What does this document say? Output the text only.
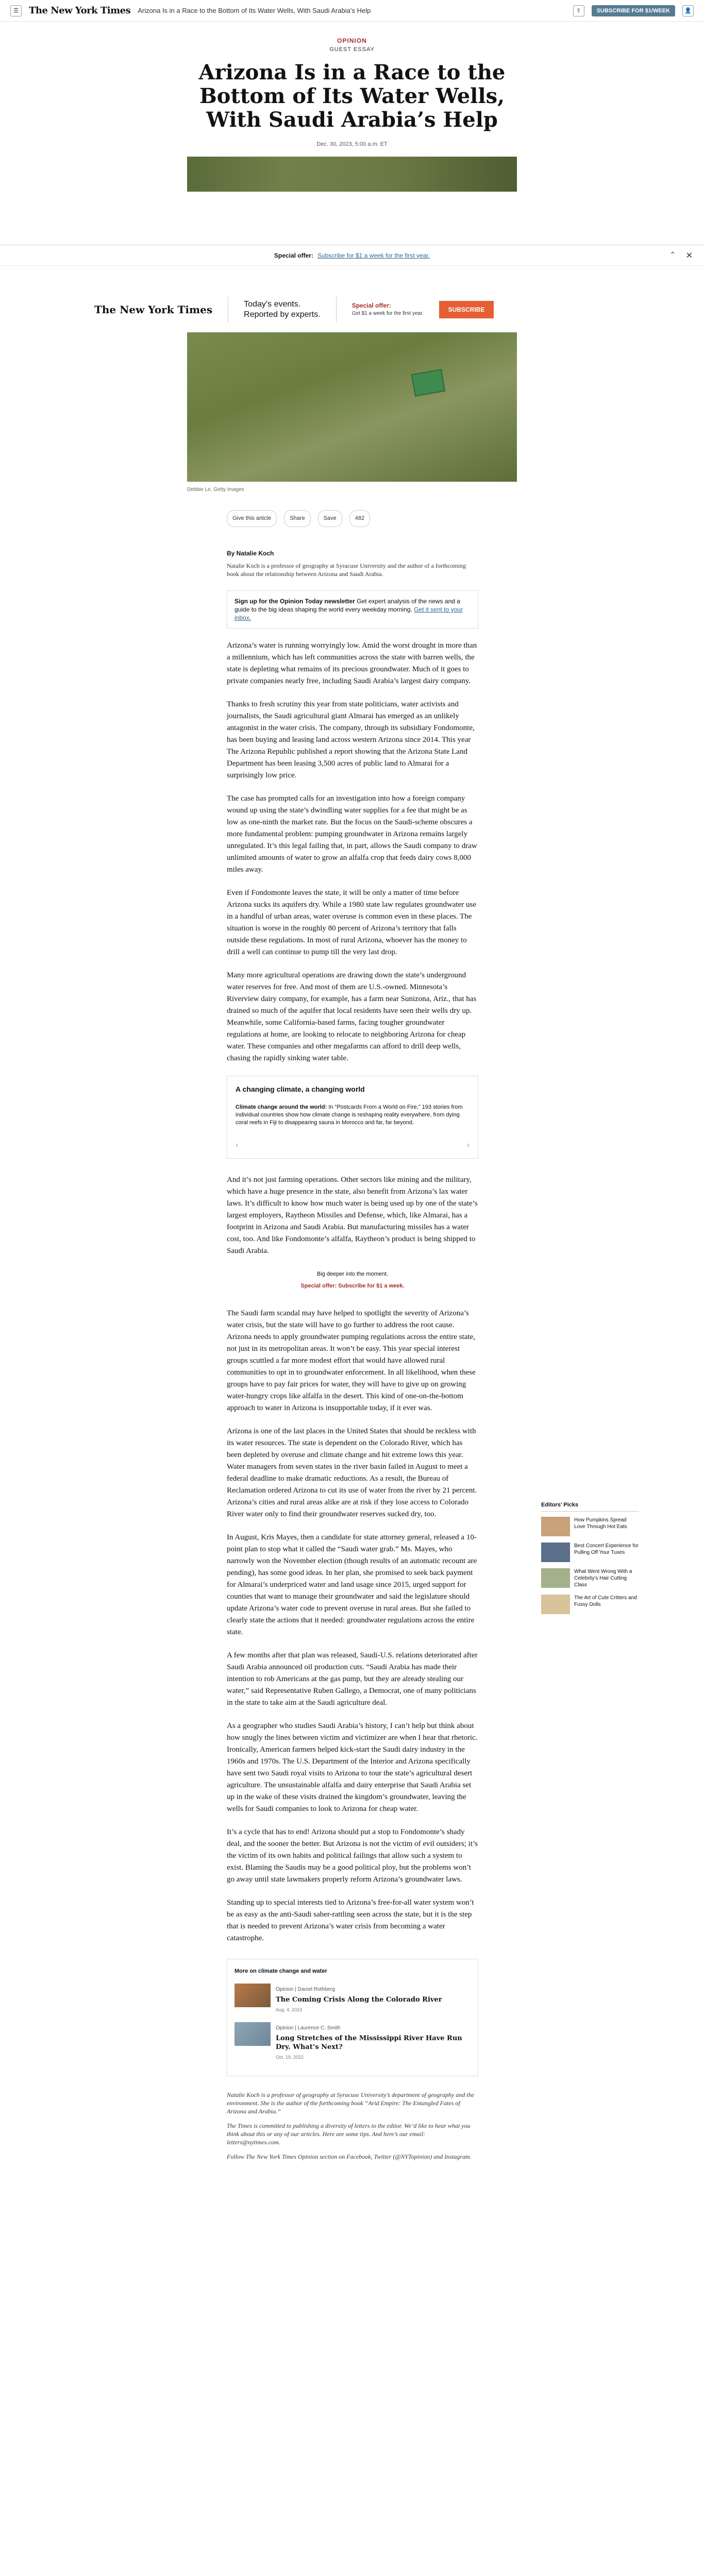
☰	The New York Times Arizona Is in a Race to the Bottom of Its Water Wells, With Saudi Arabia’s Help	⇪	SUBSCRIBE FOR $1/WEEK	👤
OPINION
GUEST ESSAY
Arizona Is in a Race to the Bottom of Its Water Wells, With Saudi Arabia’s Help
Dec. 30, 2023, 5:00 a.m. ET
Special offer: Subscribe for $1 a week for the first year.	⌃ ✕
The New York Times	Today’s events.
Reported by experts.
Special offer:
Get $1 a week for the first year.
SUBSCRIBE
Debbie Le, Getty Images
Give this article	Share	Save	482
By Natalie Koch
Natalie Koch is a professor of geography at Syracuse University and the author of a forthcoming book about the relationship between Arizona and Saudi Arabia.
Sign up for the Opinion Today newsletter Get expert analysis of the news and a guide to the big ideas shaping the world every weekday morning. Get it sent to your inbox.

Arizona’s water is running worryingly low. Amid the worst drought in more than a millennium, which has left communities across the state with barren wells, the state is depleting what remains of its precious groundwater. Much of it goes to private companies nearly free, including Saudi Arabia’s largest dairy company.

Thanks to fresh scrutiny this year from state politicians, water activists and journalists, the Saudi agricultural giant Almarai has emerged as an unlikely antagonist in the water crisis. The company, through its subsidiary Fondomonte, has been buying and leasing land across western Arizona since 2014. This year The Arizona Republic published a report showing that the Arizona State Land Department has been leasing 3,500 acres of public land to Almarai for a surprisingly low price.

The case has prompted calls for an investigation into how a foreign company wound up using the state’s dwindling water supplies for a fee that might be as low as one-ninth the market rate. But the focus on the Saudi-scheme obscures a more fundamental problem: pumping groundwater in Arizona remains largely unregulated. It’s this legal failing that, in part, allows the Saudi company to draw unlimited amounts of water to grow an alfalfa crop that feeds dairy cows 8,000 miles away.

Even if Fondomonte leaves the state, it will be only a matter of time before Arizona sucks its aquifers dry. While a 1980 state law regulates groundwater use in a handful of urban areas, water overuse is common even in these places. The situation is worse in the roughly 80 percent of Arizona’s territory that falls outside these regulations. In most of rural Arizona, whoever has the money to drill a well can continue to pump till the very last drop.

Many more agricultural operations are drawing down the state’s underground water reserves for free. And most of them are U.S.-owned. Minnesota’s Riverview dairy company, for example, has a farm near Sunizona, Ariz., that has drained so much of the aquifer that local residents have seen their wells dry up. Meanwhile, some California-based farms, facing tougher groundwater regulations at home, are looking to relocate to neighboring Arizona for cheap water. These companies and other megafarms can afford to drill deep wells, chasing the rapidly sinking water table.

A changing climate, a changing world
Climate change around the world: In “Postcards From a World on Fire,” 193 stories from individual countries show how climate change is reshaping reality everywhere, from dying coral reefs in Fiji to disappearing sauna in Morocco and far, far beyond.
‹	›

And it’s not just farming operations. Other sectors like mining and the military, which have a huge presence in the state, also benefit from Arizona’s lax water laws. It’s difficult to know how much water is being used up by one of the state’s largest employers, Raytheon Missiles and Defense, which, like Almarai, has a footprint in Arizona and Saudi Arabia. But manufacturing missiles has a water cost, too. And like Fondomonte’s alfalfa, Raytheon’s product is being shipped to Saudi Arabia.

Big deeper into the moment.
Special offer: Subscribe for $1 a week.

The Saudi farm scandal may have helped to spotlight the severity of Arizona’s water crisis, but the state will have to go further to address the root cause. Arizona needs to apply groundwater pumping regulations across the entire state, not just in its metropolitan areas. It won’t be easy. This year special interest groups scuttled a far more modest effort that would have allowed rural communities to opt in to groundwater enforcement. In all likelihood, when these groups have to pay fair prices for water, they will have to give up on growing water-hungry crops like alfalfa in the desert. This kind of one-on-the-bottom approach to water in Arizona is insupportable today, if it ever was.

Arizona is one of the last places in the United States that should be reckless with its water resources. The state is dependent on the Colorado River, which has been depleted by overuse and climate change and hit extreme lows this year. Water managers from seven states in the river basin failed in August to meet a federal deadline to make dramatic reductions. As a result, the Bureau of Reclamation ordered Arizona to cut its use of water from the river by 21 percent. Arizona’s cities and rural areas alike are at risk if they lose access to Colorado River water only to find their groundwater reserves sucked dry, too.

In August, Kris Mayes, then a candidate for state attorney general, released a 10-point plan to stop what it called the “Saudi water grab.” Ms. Mayes, who narrowly won the November election (though results of an automatic recount are pending), has some good ideas. In her plan, she promised to seek back payment for Almarai’s underpriced water and land usage since 2015, urged support for counties that want to manage their groundwater and said the legislature should update Arizona’s water code to prevent overuse in rural areas. But she failed to clearly state the actions that it needed: groundwater regulations across the entire state.

A few months after that plan was released, Saudi-U.S. relations deteriorated after Saudi Arabia announced oil production cuts. “Saudi Arabia has made their intention to rob Americans at the gas pump, but they are already stealing our water,” said Representative Ruben Gallego, a Democrat, one of many politicians in the state to take aim at the Saudi agriculture deal.

As a geographer who studies Saudi Arabia’s history, I can’t help but think about how snugly the lines between victim and victimizer are when I hear that rhetoric. Ironically, American farmers helped kick-start the Saudi dairy industry in the 1960s and 1970s. The U.S. Department of the Interior and Arizona specifically have sent two Saudi royal visits to Arizona to tour the state’s agricultural desert agriculture. The unsustainable alfalfa and dairy enterprise that Saudi Arabia set up in the wake of these visits drained the kingdom’s groundwater, leaving the wells for Saudi companies to look to Arizona for cheap water.

It’s a cycle that has to end! Arizona should put a stop to Fondomonte’s shady deal, and the sooner the better. But Arizona is not the victim of evil outsiders; it’s the victim of its own habits and political failings that allow such a system to exist. Blaming the Saudis may be a good political ploy, but the problems won’t go away until state lawmakers properly reform Arizona’s groundwater laws.

Standing up to special interests tied to Arizona’s free-for-all water system won’t be as easy as the anti-Saudi saber-rattling seen across the state, but it is the step that is needed to prevent Arizona’s water crisis from becoming a water catastrophe.

More on climate change and water
Opinion | Daniel Rothberg
The Coming Crisis Along the Colorado River
Aug. 4, 2023
Opinion | Laurence C. Smith
Long Stretches of the Mississippi River Have Run Dry. What’s Next?
Oct. 19, 2022
Natalie Koch is a professor of geography at Syracuse University’s department of geography and the environment. She is the author of the forthcoming book “Arid Empire: The Entangled Fates of Arizona and Arabia.”
The Times is committed to publishing a diversity of letters to the editor. We’d like to hear what you think about this or any of our articles. Here are some tips. And here’s our email: letters@nytimes.com.
Follow The New York Times Opinion section on Facebook, Twitter (@NYTopinion) and Instagram.
Editors’ Picks
How Pumpkins Spread Love Through Hot Eats
Best Concert Experience for Pulling Off Your Tuxes
What Went Wrong With a Celebrity’s Hair Cutting Class
The Art of Cute Critters and Fussy Dolls
